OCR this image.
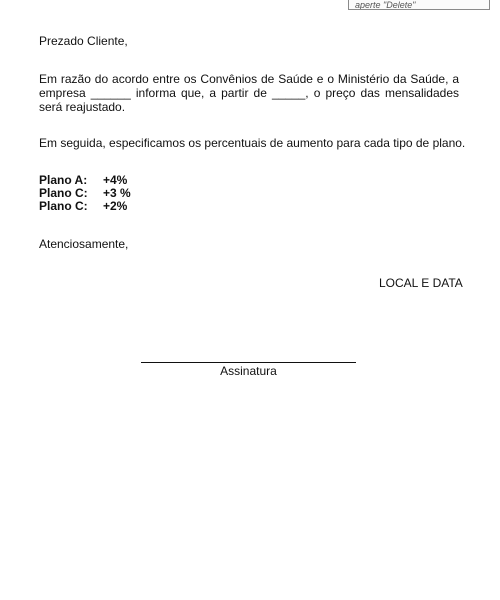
aperte "Delete"
Prezado Cliente,
Em razão do acordo entre os Convênios de Saúde e o Ministério da Saúde, a empresa ______ informa que, a partir de _____, o preço das mensalidades será reajustado.
Em seguida, especificamos os percentuais de aumento para cada tipo de plano.
Plano A: +4%
Plano C: +3 %
Plano C: +2%
Atenciosamente,
LOCAL E DATA
Assinatura
